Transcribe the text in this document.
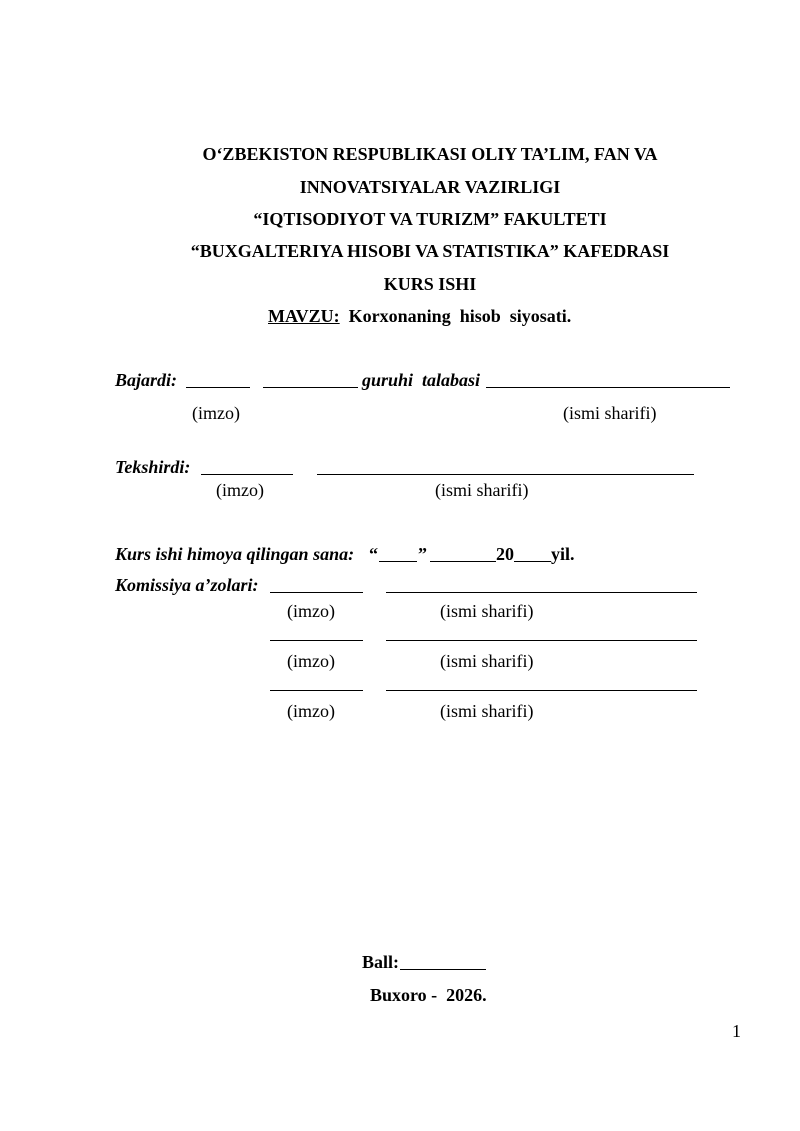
O‘ZBEKISTON RESPUBLIKASI OLIY TA’LIM, FAN VA
INNOVATSIYALAR VAZIRLIGI
“IQTISODIYOT VA TURIZM” FAKULTETI
“BUXGALTERIYA HISOBI VA STATISTIKA” KAFEDRASI
KURS ISHI
MAVZU: Korxonaning  hisob  siyosati.
Bajardi:	guruhi  talabasi
(imzo)	(ismi sharifi)
Tekshirdi:
(imzo)	(ismi sharifi)
Kurs ishi himoya qilingan sana: “ ”	20 yil.
Komissiya a’zolari:
(imzo)	(ismi sharifi)
(imzo)	(ismi sharifi)
(imzo)	(ismi sharifi)
Ball:
Buxoro -  2026.
1
